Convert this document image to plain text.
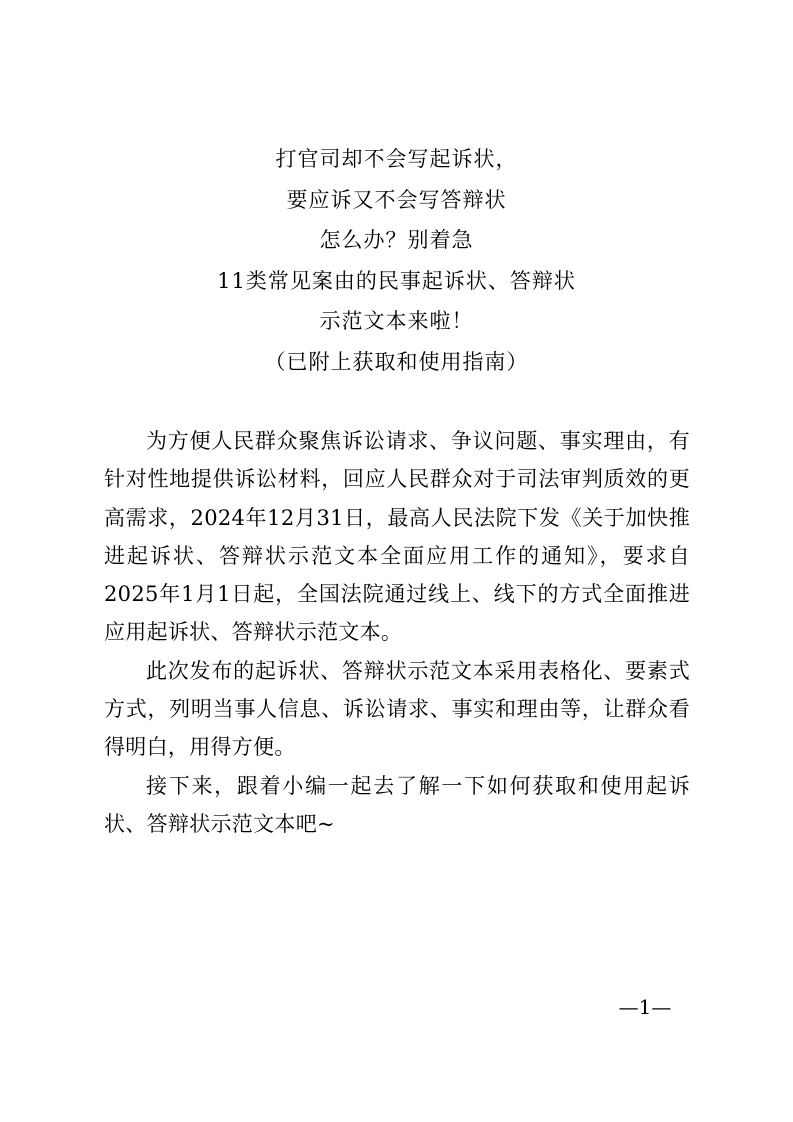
打官司却不会写起诉状，
要应诉又不会写答辩状
怎么办？别着急
11类常见案由的民事起诉状、答辩状
示范文本来啦！
（已附上获取和使用指南）

为方便人民群众聚焦诉讼请求、争议问题、事实理由，有针对性地提供诉讼材料，回应人民群众对于司法审判质效的更高需求，2024年12月31日，最高人民法院下发《关于加快推进起诉状、答辩状示范文本全面应用工作的通知》，要求自2025年1月1日起，全国法院通过线上、线下的方式全面推进应用起诉状、答辩状示范文本。

此次发布的起诉状、答辩状示范文本采用表格化、要素式方式，列明当事人信息、诉讼请求、事实和理由等，让群众看得明白，用得方便。

接下来，跟着小编一起去了解一下如何获取和使用起诉状、答辩状示范文本吧~

—1—
